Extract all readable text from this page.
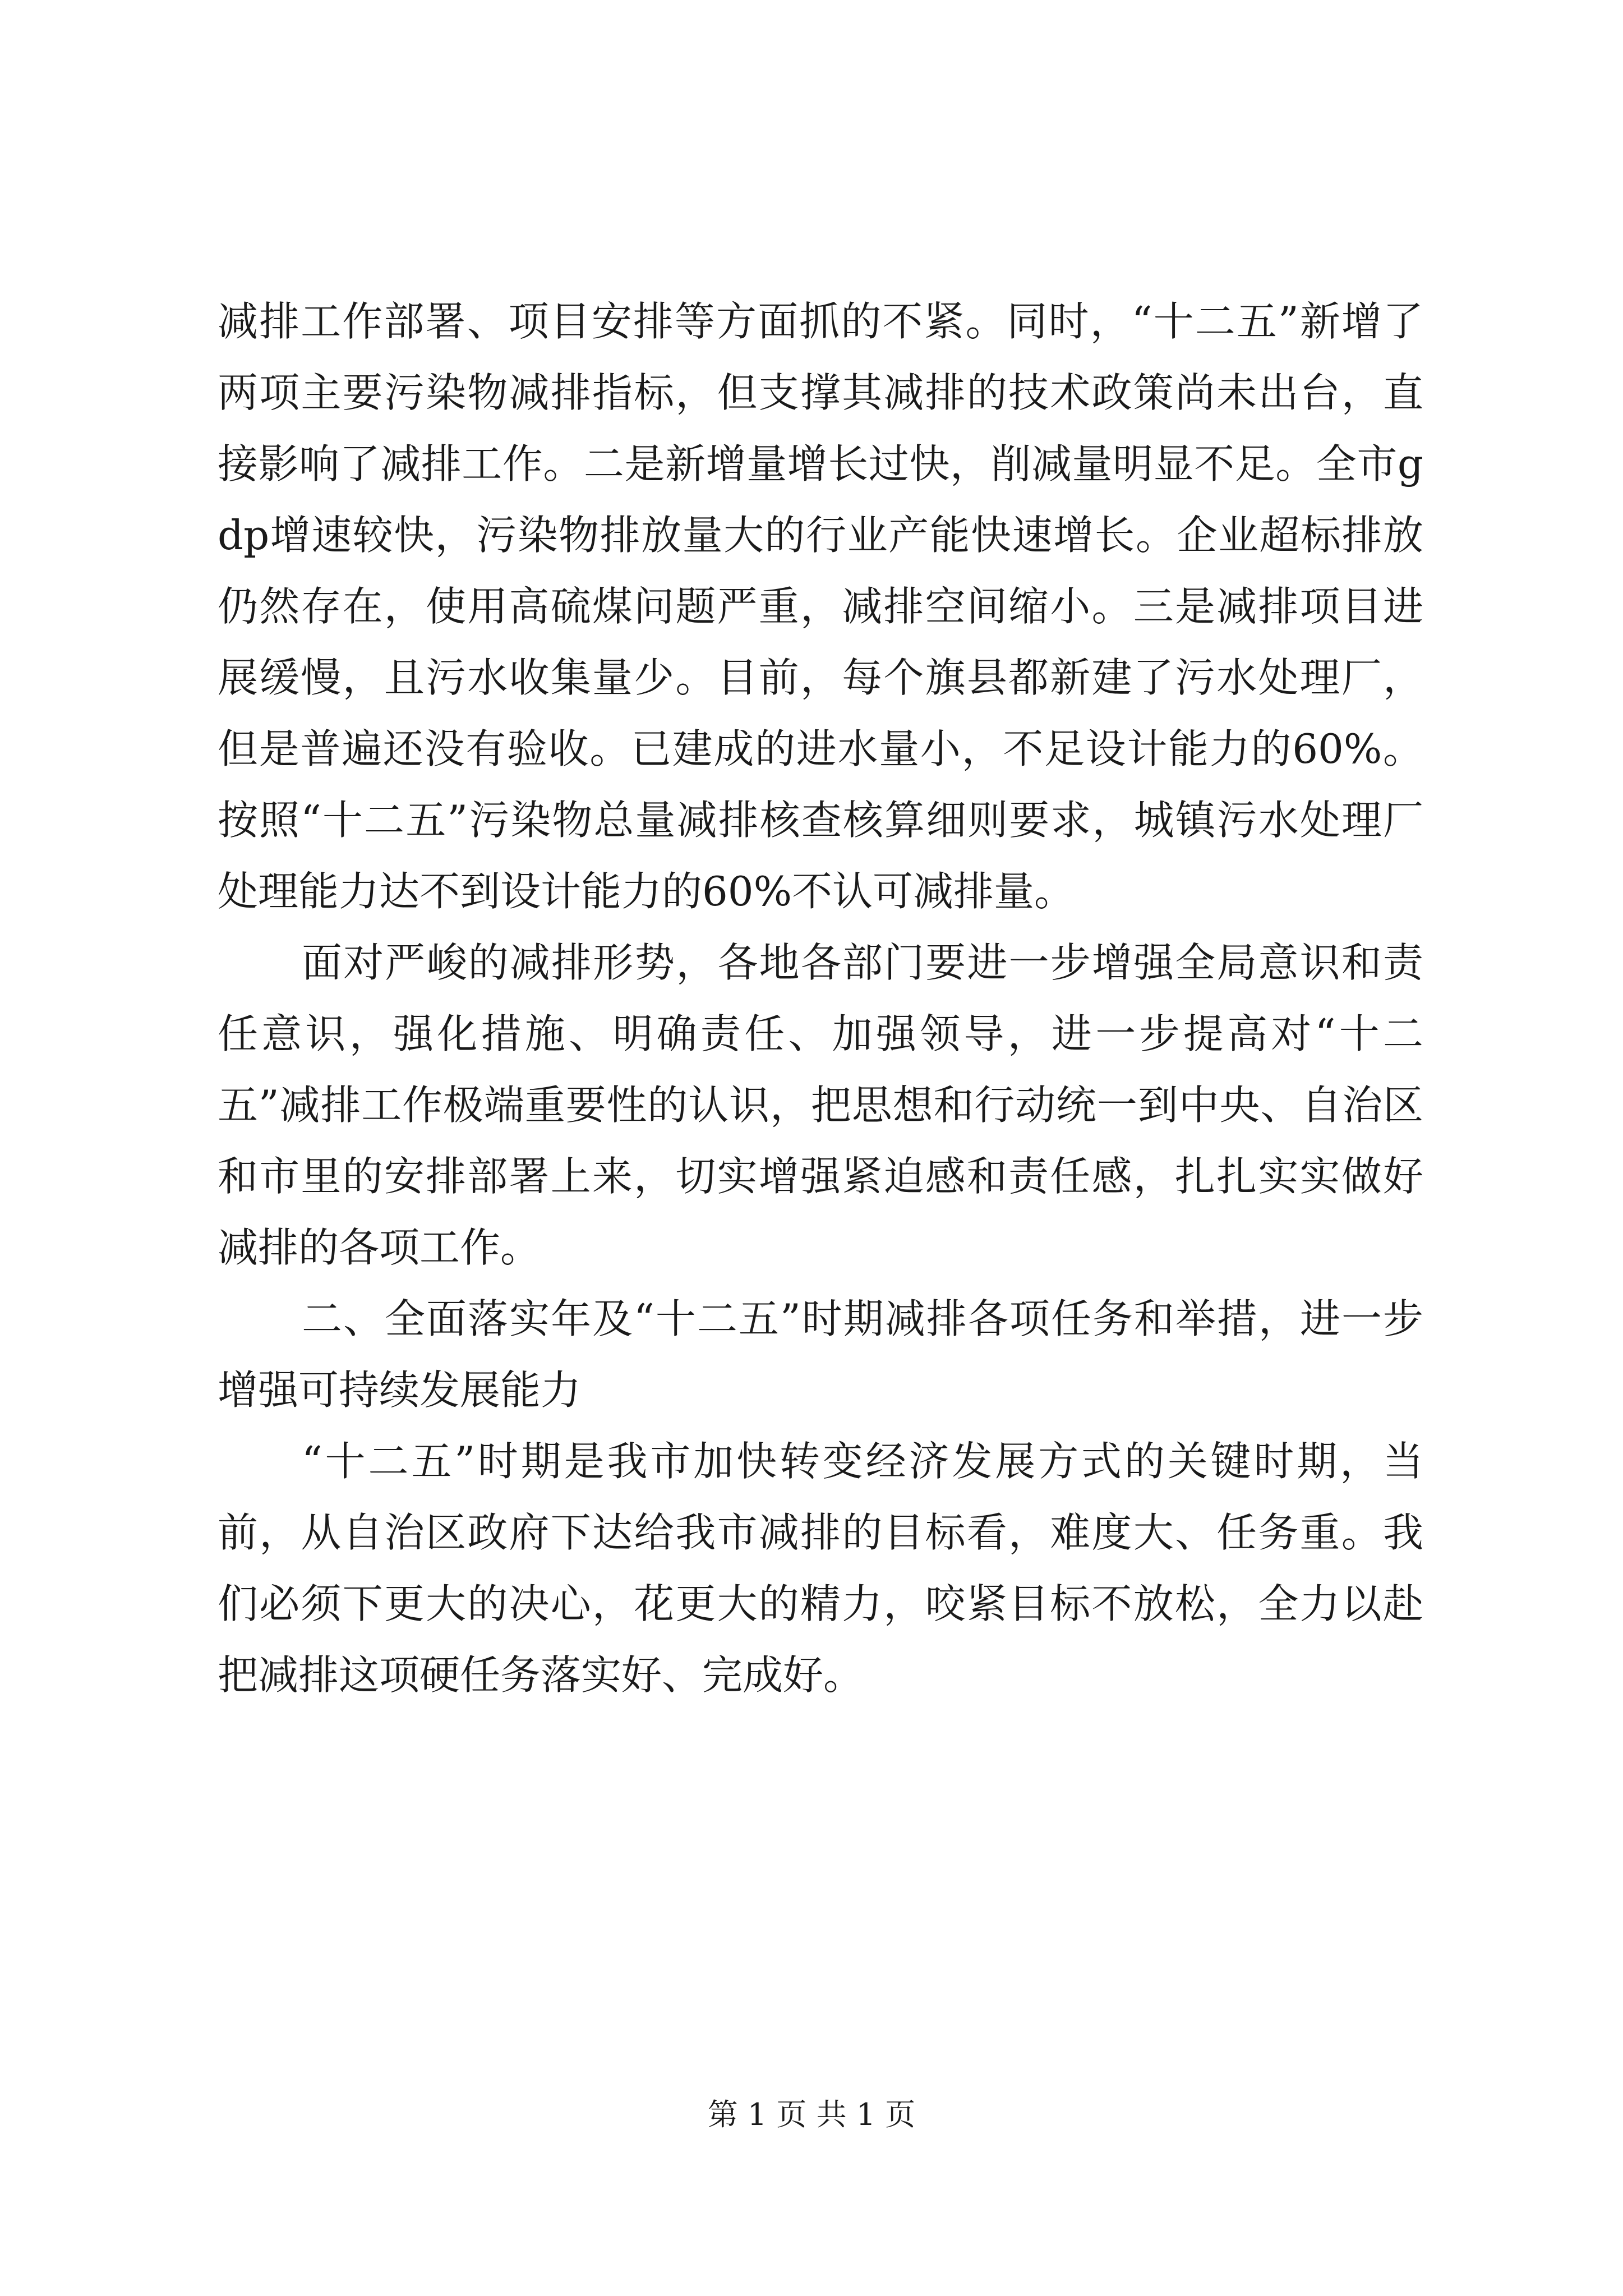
减排工作部署、项目安排等方面抓的不紧。同时，“十二五”新增了两项主要污染物减排指标，但支撑其减排的技术政策尚未出台，直接影响了减排工作。二是新增量增长过快，削减量明显不足。全市gdp增速较快，污染物排放量大的行业产能快速增长。企业超标排放仍然存在，使用高硫煤问题严重，减排空间缩小。三是减排项目进展缓慢，且污水收集量少。目前，每个旗县都新建了污水处理厂，但是普遍还没有验收。已建成的进水量小，不足设计能力的60%。按照“十二五”污染物总量减排核查核算细则要求，城镇污水处理厂处理能力达不到设计能力的60%不认可减排量。

面对严峻的减排形势，各地各部门要进一步增强全局意识和责任意识，强化措施、明确责任、加强领导，进一步提高对“十二五”减排工作极端重要性的认识，把思想和行动统一到中央、自治区和市里的安排部署上来，切实增强紧迫感和责任感，扎扎实实做好减排的各项工作。

二、全面落实年及“十二五”时期减排各项任务和举措，进一步增强可持续发展能力

“十二五”时期是我市加快转变经济发展方式的关键时期，当前，从自治区政府下达给我市减排的目标看，难度大、任务重。我们必须下更大的决心，花更大的精力，咬紧目标不放松，全力以赴把减排这项硬任务落实好、完成好。

第 1 页 共 1 页
